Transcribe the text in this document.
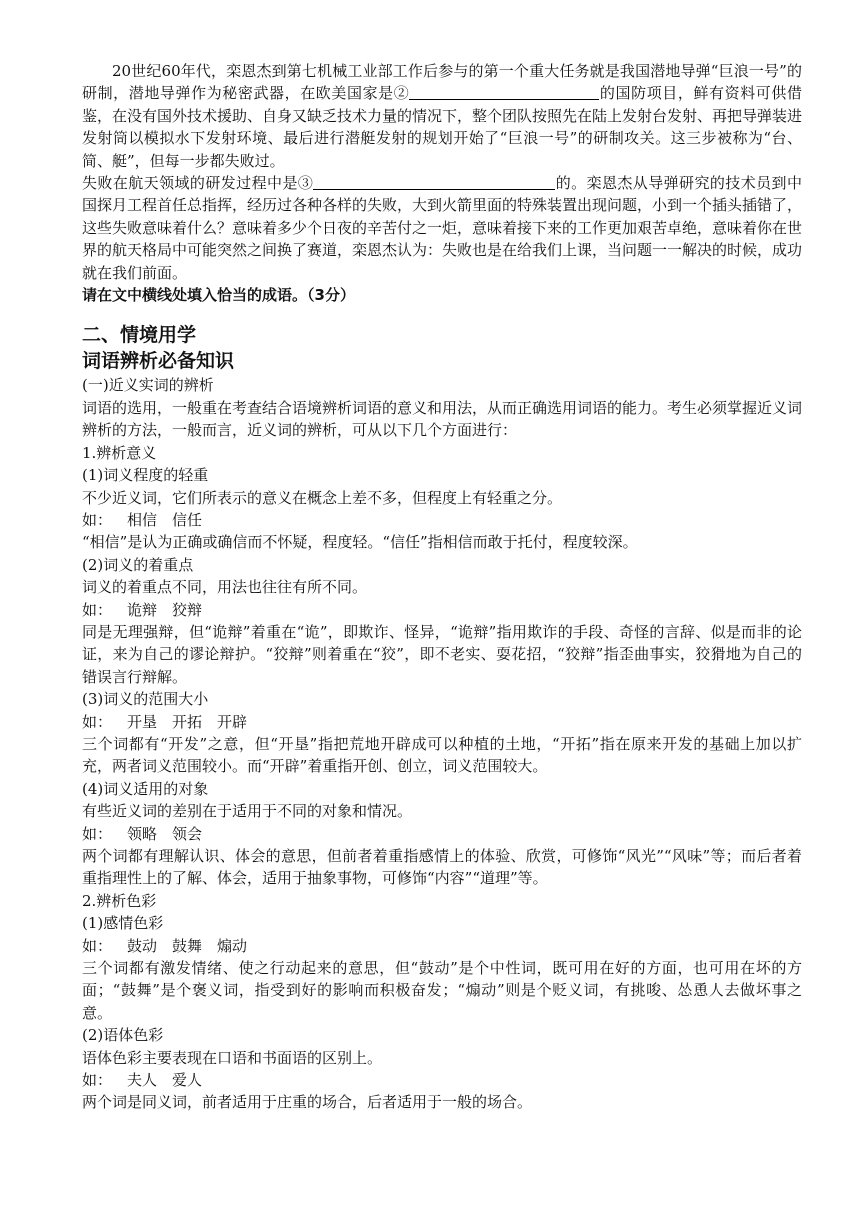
20世纪60年代，栾恩杰到第七机械工业部工作后参与的第一个重大任务就是我国潜地导弹“巨浪一号”的研制，潜地导弹作为秘密武器，在欧美国家是②	的国防项目，鲜有资料可供借鉴，在没有国外技术援助、自身又缺乏技术力量的情况下，整个团队按照先在陆上发射台发射、再把导弹装进发射筒以模拟水下发射环境、最后进行潜艇发射的规划开始了“巨浪一号”的研制攻关。这三步被称为“台、简、艇”，但每一步都失败过。

失败在航天领域的研发过程中是③	的。栾恩杰从导弹研究的技术员到中国探月工程首任总指挥，经历过各种各样的失败，大到火箭里面的特殊装置出现问题，小到一个插头插错了，这些失败意味着什么？意味着多少个日夜的辛苦付之一炬，意味着接下来的工作更加艰苦卓绝，意味着你在世界的航天格局中可能突然之间换了赛道，栾恩杰认为：失败也是在给我们上课，当问题一一解决的时候，成功就在我们前面。

请在文中横线处填入恰当的成语。（3分）

二、情境用学

词语辨析必备知识

(一)近义实词的辨析

词语的选用，一般重在考查结合语境辨析词语的意义和用法，从而正确选用词语的能力。考生必须掌握近义词辨析的方法，一般而言，近义词的辨析，可从以下几个方面进行：

1.辨析意义

(1)词义程度的轻重

不少近义词，它们所表示的意义在概念上差不多，但程度上有轻重之分。

如： 相信 信任

“相信”是认为正确或确信而不怀疑，程度轻。“信任”指相信而敢于托付，程度较深。

(2)词义的着重点

词义的着重点不同，用法也往往有所不同。

如： 诡辩 狡辩

同是无理强辩，但“诡辩”着重在“诡”，即欺诈、怪异，“诡辩”指用欺诈的手段、奇怪的言辞、似是而非的论证，来为自己的谬论辩护。“狡辩”则着重在“狡”，即不老实、耍花招，“狡辩”指歪曲事实，狡猾地为自己的错误言行辩解。

(3)词义的范围大小

如： 开垦 开拓 开辟

三个词都有“开发”之意，但“开垦”指把荒地开辟成可以种植的土地，“开拓”指在原来开发的基础上加以扩充，两者词义范围较小。而“开辟”着重指开创、创立，词义范围较大。

(4)词义适用的对象

有些近义词的差别在于适用于不同的对象和情况。

如： 领略 领会

两个词都有理解认识、体会的意思，但前者着重指感情上的体验、欣赏，可修饰“风光”“风味”等；而后者着重指理性上的了解、体会，适用于抽象事物，可修饰“内容”“道理”等。

2.辨析色彩

(1)感情色彩

如： 鼓动 鼓舞 煽动

三个词都有激发情绪、使之行动起来的意思，但“鼓动”是个中性词，既可用在好的方面，也可用在坏的方面；“鼓舞”是个褒义词，指受到好的影响而积极奋发；“煽动”则是个贬义词，有挑唆、怂恿人去做坏事之意。

(2)语体色彩

语体色彩主要表现在口语和书面语的区别上。

如： 夫人 爱人

两个词是同义词，前者适用于庄重的场合，后者适用于一般的场合。
